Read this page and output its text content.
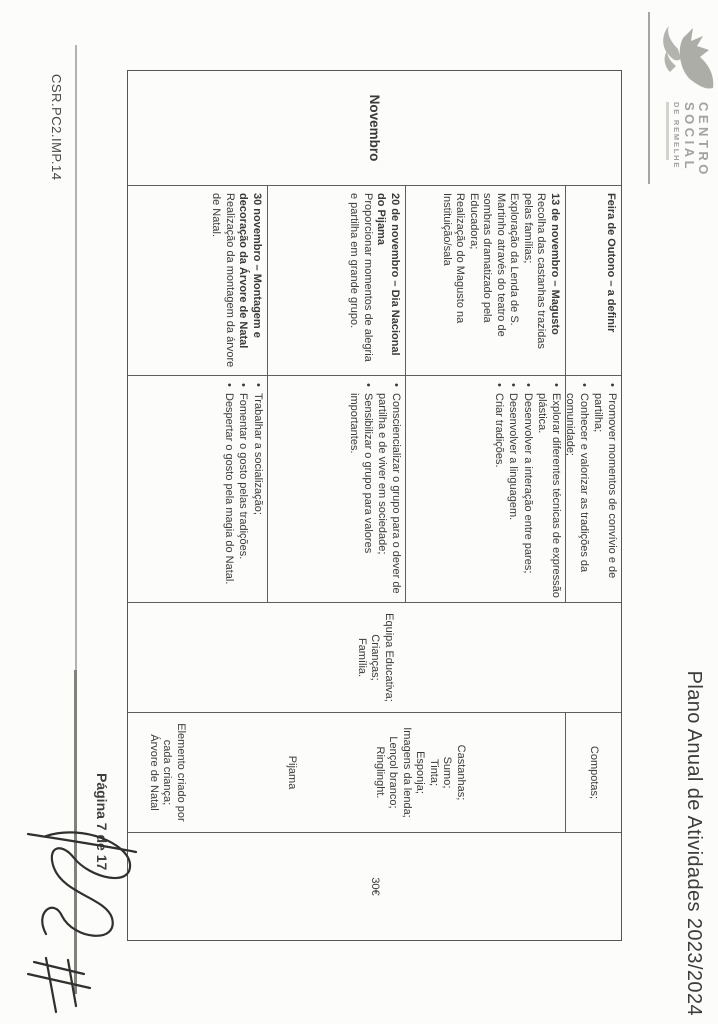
CENTRO
SOCIAL
DE REMELHE
Plano Anual de Atividades 2023/2024
Novembro

Feira de Outono – a definir

• Promover momentos de convívio e de partilha;
• Conhecer e valorizar as tradições da comunidade;
Compotas;

13 de novembro – Magusto

Recolha das castanhas trazidas pelas famílias;

Exploração da Lenda de S. Martinho através do teatro de sombras dramatizado pela Educadora;

Realização do Magusto na Instituição/sala

• Explorar diferentes técnicas de expressão plástica.
• Desenvolver a interação entre pares;
• Desenvolver a linguagem.
• Criar tradições.

20 de novembro – Dia Nacional do Pijama

Proporcionar momentos de alegria e partilha em grande grupo.

• Consciencializar o grupo para o dever de partilha e de viver em sociedade;
• Sensibilizar o grupo para valores importantes.

30 novembro – Montagem e decoração da Árvore de Natal

Realização da montagem da árvore de Natal.

• Trabalhar a socialização;
• Fomentar o gosto pelas tradições.
• Despertar o gosto pela magia do Natal.
Equipa Educativa;
Crianças;
Família.
Castanhas;
Sumo;
Tinta;
Esponja;
Imagens da lenda;
Lençol branco;
Ringlinght.
Pijama
Elemento criado por cada criança;
Árvore de Natal
30€
CSR.PC2.IMP.14
Página 7 de 17
